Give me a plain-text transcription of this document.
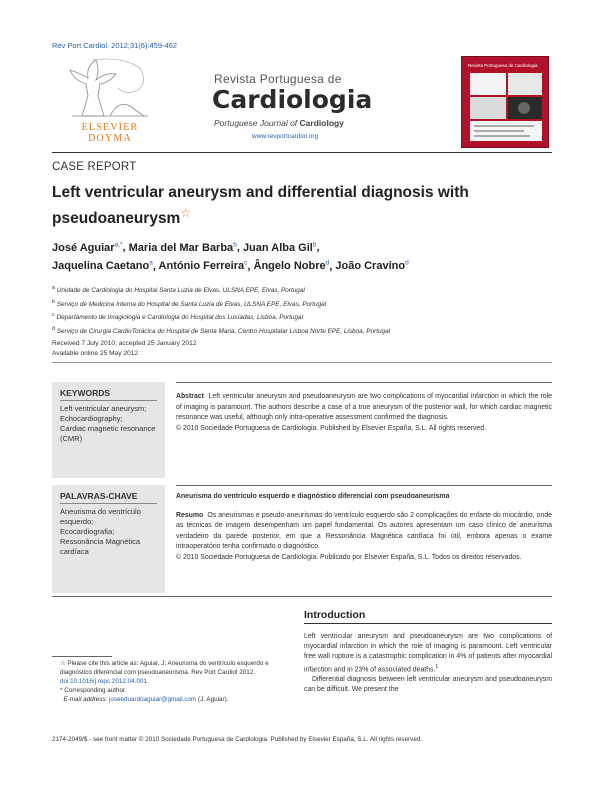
Rev Port Cardiol. 2012;31(6):459-462
ELSEVIER
DOYMA
Revista Portuguesa de
Cardiologia
Portuguese Journal of Cardiology
www.revportcardiol.org
Revista Portuguesa de Cardiologia
CASE REPORT
Left ventricular aneurysm and differential diagnosis with pseudoaneurysm☆
José Aguiar$^{a,*}$, Maria del Mar Barba$^b$, Juan Alba Gil$^b$,
Jaquelina Caetano$^a$, António Ferreira$^c$, Ângelo Nobre$^d$, João Cravino$^d$
$^a$ Unidade de Cardiologia do Hospital Santa Luzia de Elvas, ULSNA EPE, Elvas, Portugal
$^b$ Serviço de Medicina Interna do Hospital de Santa Luzia de Elvas, ULSNA EPE, Elvas, Portugal
$^c$ Departamento de Imagiologia e Cardiologia do Hospital dos Lusíadas, Lisboa, Portugal
$^d$ Serviço de Cirurgia CardioTorácica do Hospital de Santa Maria, Centro Hospitalar Lisboa Norte EPE, Lisboa, Portugal
Received 7 July 2010; accepted 25 January 2012
Available online 25 May 2012
KEYWORDS
Left ventricular aneurysm;
Echocardiography;
Cardiac magnetic resonance (CMR)
Abstract Left ventricular aneurysm and pseudoaneurysm are two complications of myocardial infarction in which the role of imaging is paramount. The authors describe a case of a true aneurysm of the posterior wall, for which cardiac magnetic resonance was useful, although only intra-operative assessment confirmed the diagnosis.
© 2010 Sociedade Portuguesa de Cardiologia. Published by Elsevier España, S.L. All rights reserved.
PALAVRAS-CHAVE
Aneurisma do ventrículo esquerdo;
Ecocardiografia;
Ressonância Magnética cardíaca
Aneurisma do ventrículo esquerdo e diagnóstico diferencial com pseudoaneurisma
Resumo Os aneurismas e pseudo-aneurismas do ventrículo esquerdo são 2 complicações do enfarte do miocárdio, onde as técnicas de imagem desempenham um papel fundamental. Os autores apresentam um caso clínico de aneurisma verdadeiro da parede posterior, em que a Ressonância Magnética cardíaca foi útil, embora apenas o exame intraoperatório tenha confirmado o diagnóstico.
© 2010 Sociedade Portuguesa de Cardiologia. Publicado por Elsevier España, S.L. Todos os direitos reservados.
Introduction

Left ventricular aneurysm and pseudoaneurysm are two complications of myocardial infarction in which the role of imaging is paramount. Left ventricular free wall rupture is a catastrophic complication in 4% of patients after myocardial infarction and in 23% of associated deaths.$^1$

Differential diagnosis between left ventricular aneurysm and pseudoaneurysm can be difficult. We present the

☆ Please cite this article as: Aguiar, J; Aneurisma do ventrículo esquerdo e diagnóstico diferencial com pseudoaneurisma. Rev Port Cardiol 2012. doi:10.1016/j.repc.2012.04.001.
* Corresponding author.
E-mail address: joseeduardoaguiar@gmail.com (J. Aguiar).
2174-2049/$ - see front matter © 2010 Sociedade Portuguesa de Cardiologia. Published by Elsevier España, S.L. All rights reserved.
